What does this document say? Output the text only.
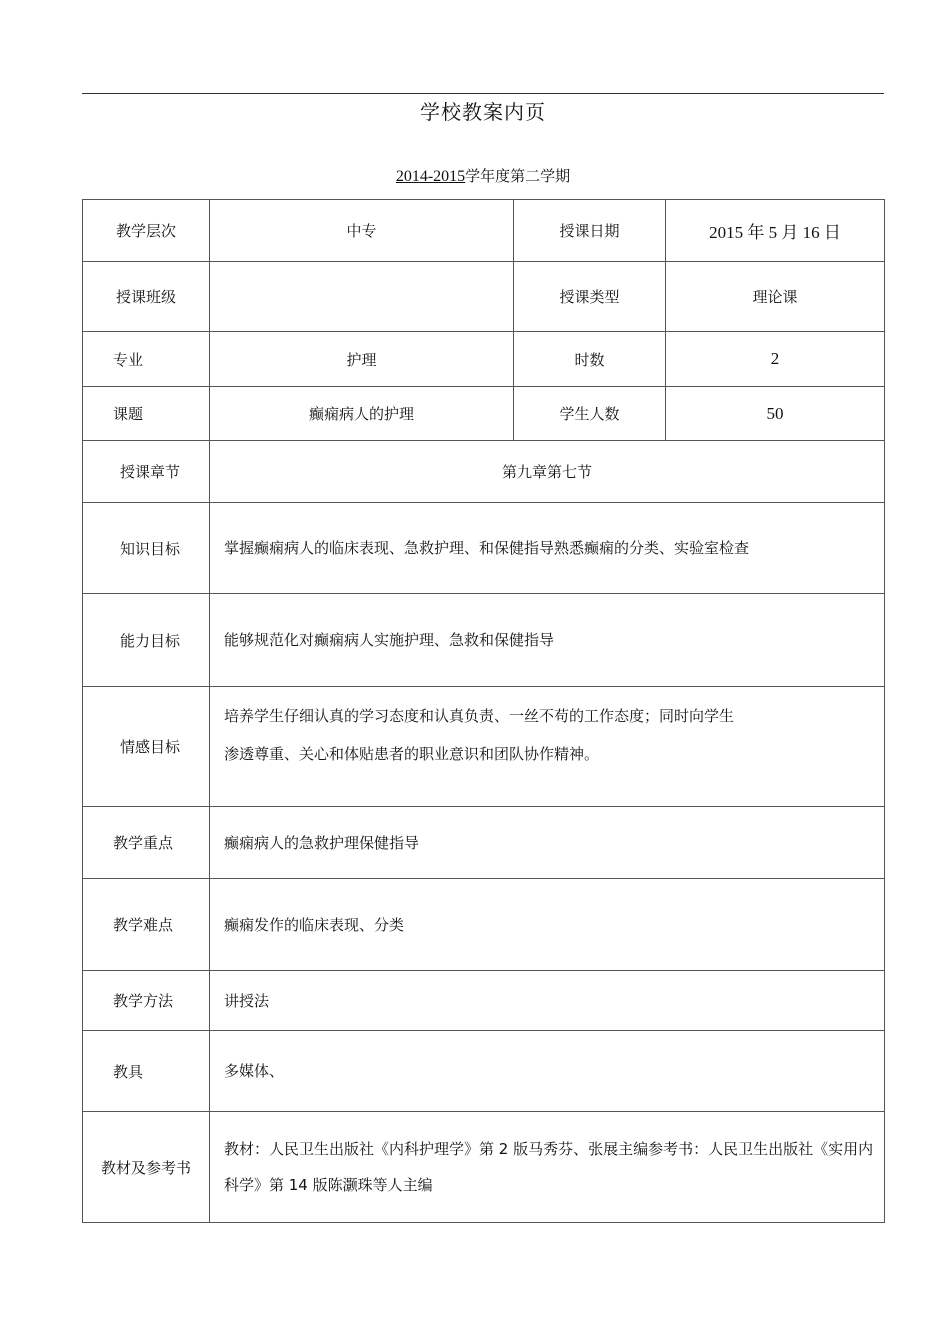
学校教案内页
2014-2015学年度第二学期
教学层次	中专	授课日期	2015 年 5 月 16 日
授课班级		授课类型	理论课
专业	护理	时数	2
课题	癫痫病人的护理	学生人数	50
授课章节	第九章第七节		
知识目标	掌握癫痫病人的临床表现、急救护理、和保健指导熟悉癫痫的分类、实验室检查		
能力目标	能够规范化对癫痫病人实施护理、急救和保健指导		
情感目标	培养学生仔细认真的学习态度和认真负责、一丝不苟的工作态度；同时向学生
渗透尊重、关心和体贴患者的职业意识和团队协作精神。		

教学重点	癫痫病人的急救护理保健指导		
教学难点	癫痫发作的临床表现、分类		
教学方法	讲授法		
教具	多媒体、		
教材及参考书	教材：人民卫生出版社《内科护理学》第 2 版马秀芬、张展主编参考书：人民卫生出版社《实用内科学》第 14 版陈灏珠等人主编		
